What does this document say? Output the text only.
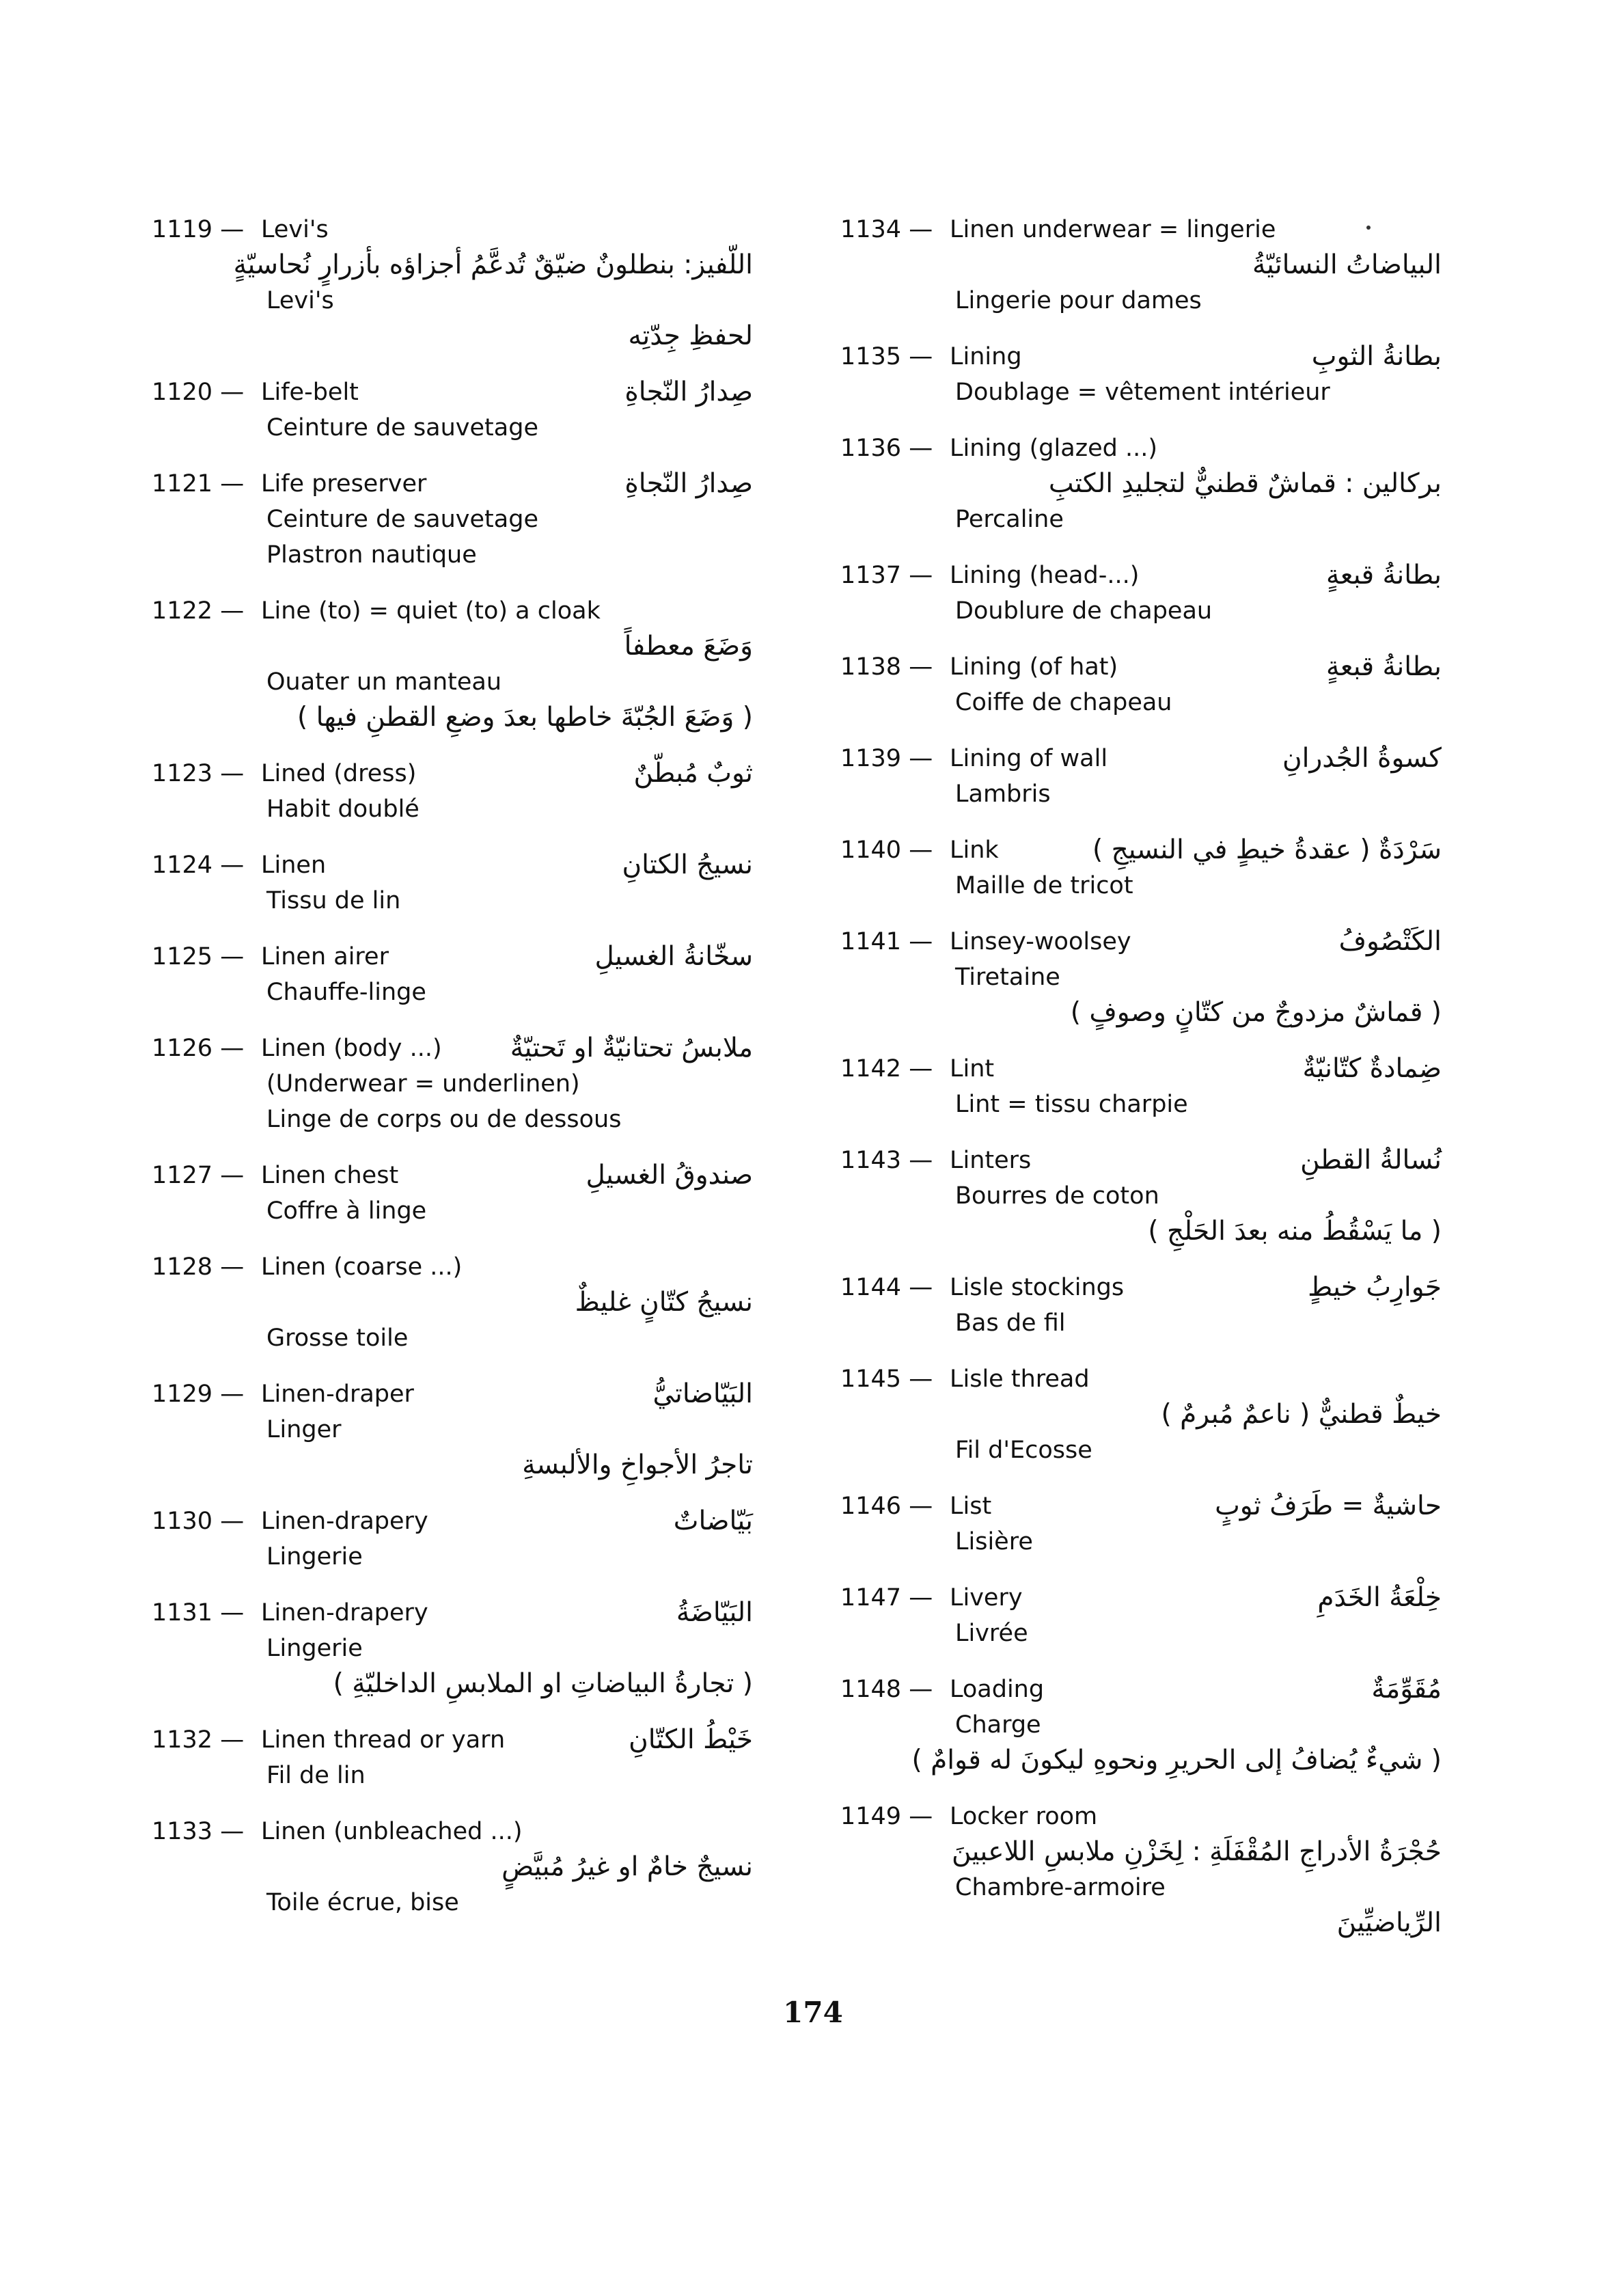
1119 — Levi's
اللّفيز: بنطلونٌ ضيّقٌ تُدعَّمُ أجزاؤه بأزرارٍ نُحاسيّةٍ
Levi's
لحفظِ جِدّتِه
1120 — Life-belt	صِدارُ النّجاةِ
Ceinture de sauvetage
1121 — Life preserver	صِدارُ النّجاةِ
Ceinture de sauvetage
Plastron nautique
1122 — Line (to) = quiet (to) a cloak
وَضَعَ معطفاً
Ouater un manteau
( وَضَعَ الجُبّةَ خاطها بعدَ وضعِ القطنِ فيها )
1123 — Lined (dress)	ثوبٌ مُبطّنٌ
Habit doublé
1124 — Linen	نسيجُ الكتانِ
Tissu de lin
1125 — Linen airer	سخّانةُ الغسيلِ
Chauffe-linge
1126 — Linen (body ...)	ملابسُ تحتانيّةٌ او تَحتيّةٌ
(Underwear = underlinen)
Linge de corps ou de dessous
1127 — Linen chest	صندوقُ الغسيلِ
Coffre à linge
1128 — Linen (coarse ...)
نسيجُ كتّانٍ غليظٌ
Grosse toile
1129 — Linen-draper	البَيّاضاتيُّ
Linger
تاجرُ الأجواخِ والألبسةِ
1130 — Linen-drapery	بَيّاضاتٌ
Lingerie
1131 — Linen-drapery	البَيّاضَةُ
Lingerie
( تجارةُ البياضاتِ او الملابسِ الداخليّةِ )
1132 — Linen thread or yarn	خَيْطُ الكتّانِ
Fil de lin
1133 — Linen (unbleached ...)
نسيجٌ خامٌ او غيرُ مُبيَّضٍ
Toile écrue, bise
1134 — Linen underwear = lingerie
البياضاتُ النسائيّةُ
Lingerie pour dames
1135 — Lining	بطانةُ الثوبِ
Doublage = vêtement intérieur
1136 — Lining (glazed ...)
بركالين : قماشٌ قطنيٌّ لتجليدِ الكتبِ
Percaline
1137 — Lining (head-...)	بطانةُ قبعةٍ
Doublure de chapeau
1138 — Lining (of hat)	بطانةُ قبعةٍ
Coiffe de chapeau
1139 — Lining of wall	كسوةُ الجُدرانِ
Lambris
1140 — Link	سَرْدَةٌ ( عقدةُ خيطٍ في النسيجِ )
Maille de tricot
1141 — Linsey-woolsey	الكَتْصُوفُ
Tiretaine
( قماشٌ مزدوجٌ من كتّانٍ وصوفٍ )
1142 — Lint	ضِمادةٌ كتّانيّةٌ
Lint = tissu charpie
1143 — Linters	نُسالةُ القطنِ
Bourres de coton
( ما يَسْقُطُ منه بعدَ الحَلْجِ )
1144 — Lisle stockings	جَوارِبُ خيطٍ
Bas de fil
1145 — Lisle thread
خيطٌ قطنيٌّ ( ناعمٌ مُبرمٌ )
Fil d'Ecosse
1146 — List	حاشيةٌ = طَرَفُ ثوبٍ
Lisière
1147 — Livery	خِلْعَةُ الخَدَمِ
Livrée
1148 — Loading	مُقَوِّمَةٌ
Charge
( شيءٌ يُضافُ إلى الحريرِ ونحوهِ ليكونَ له قوامٌ )
1149 — Locker room
حُجْرَةُ الأدراجِ المُقْفَلَةِ : لِخَزْنِ ملابسِ اللاعبينَ
Chambre-armoire
الرِّياضيِّينَ
174
